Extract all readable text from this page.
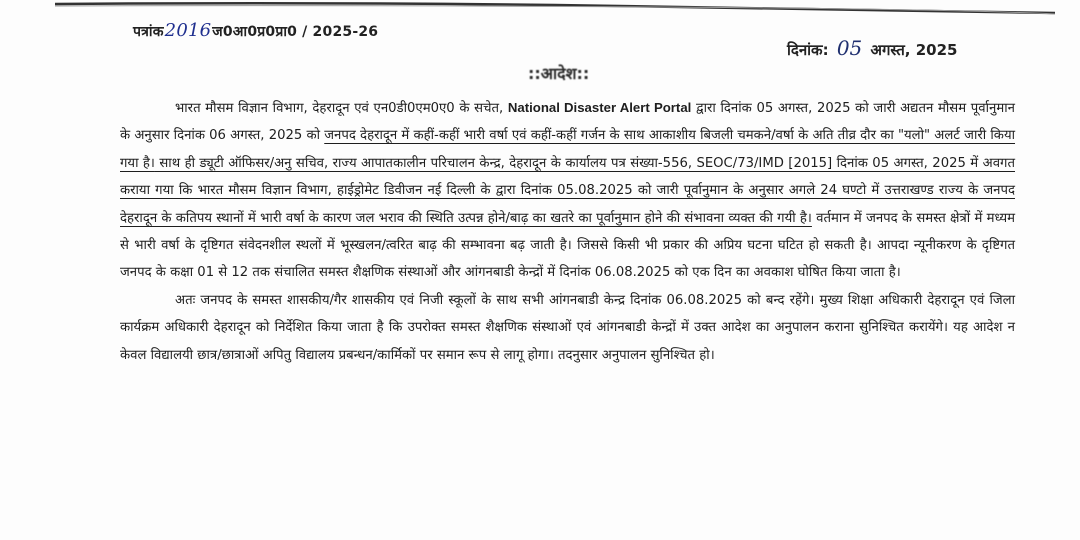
पत्रांक2016ज0आ0प्र0प्रा0 / 2025-26
दिनांक: 05 अगस्त, 2025
::आदेश::

भारत मौसम विज्ञान विभाग, देहरादून एवं एन0डी0एम0ए0 के सचेत, National Disaster Alert Portal द्वारा दिनांक 05 अगस्त, 2025 को जारी अद्यतन मौसम पूर्वानुमान के अनुसार दिनांक 06 अगस्त, 2025 को जनपद देहरादून में कहीं-कहीं भारी वर्षा एवं कहीं-कहीं गर्जन के साथ आकाशीय बिजली चमकने/वर्षा के अति तीव्र दौर का "यलो" अलर्ट जारी किया गया है। साथ ही ड्यूटी ऑफिसर/अनु सचिव, राज्य आपातकालीन परिचालन केन्द्र, देहरादून के कार्यालय पत्र संख्या-556, SEOC/73/IMD [2015] दिनांक 05 अगस्त, 2025 में अवगत कराया गया कि भारत मौसम विज्ञान विभाग, हाईड्रोमेट डिवीजन नई दिल्ली के द्वारा दिनांक 05.08.2025 को जारी पूर्वानुमान के अनुसार अगले 24 घण्टो में उत्तराखण्ड राज्य के जनपद देहरादून के कतिपय स्थानों में भारी वर्षा के कारण जल भराव की स्थिति उत्पन्न होने/बाढ़ का खतरे का पूर्वानुमान होने की संभावना व्यक्त की गयी है। वर्तमान में जनपद के समस्त क्षेत्रों में मध्यम से भारी वर्षा के दृष्टिगत संवेदनशील स्थलों में भूस्खलन/त्वरित बाढ़ की सम्भावना बढ़ जाती है। जिससे किसी भी प्रकार की अप्रिय घटना घटित हो सकती है। आपदा न्यूनीकरण के दृष्टिगत जनपद के कक्षा 01 से 12 तक संचालित समस्त शैक्षणिक संस्थाओं और आंगनबाडी केन्द्रों में दिनांक 06.08.2025 को एक दिन का अवकाश घोषित किया जाता है।

अतः जनपद के समस्त शासकीय/गैर शासकीय एवं निजी स्कूलों के साथ सभी आंगनबाडी केन्द्र दिनांक 06.08.2025 को बन्द रहेंगे। मुख्य शिक्षा अधिकारी देहरादून एवं जिला कार्यक्रम अधिकारी देहरादून को निर्देशित किया जाता है कि उपरोक्त समस्त शैक्षणिक संस्थाओं एवं आंगनबाडी केन्द्रों में उक्त आदेश का अनुपालन कराना सुनिश्चित करायेंगे। यह आदेश न केवल विद्यालयी छात्र/छात्राओं अपितु विद्यालय प्रबन्धन/कार्मिकों पर समान रूप से लागू होगा। तदनुसार अनुपालन सुनिश्चित हो।
